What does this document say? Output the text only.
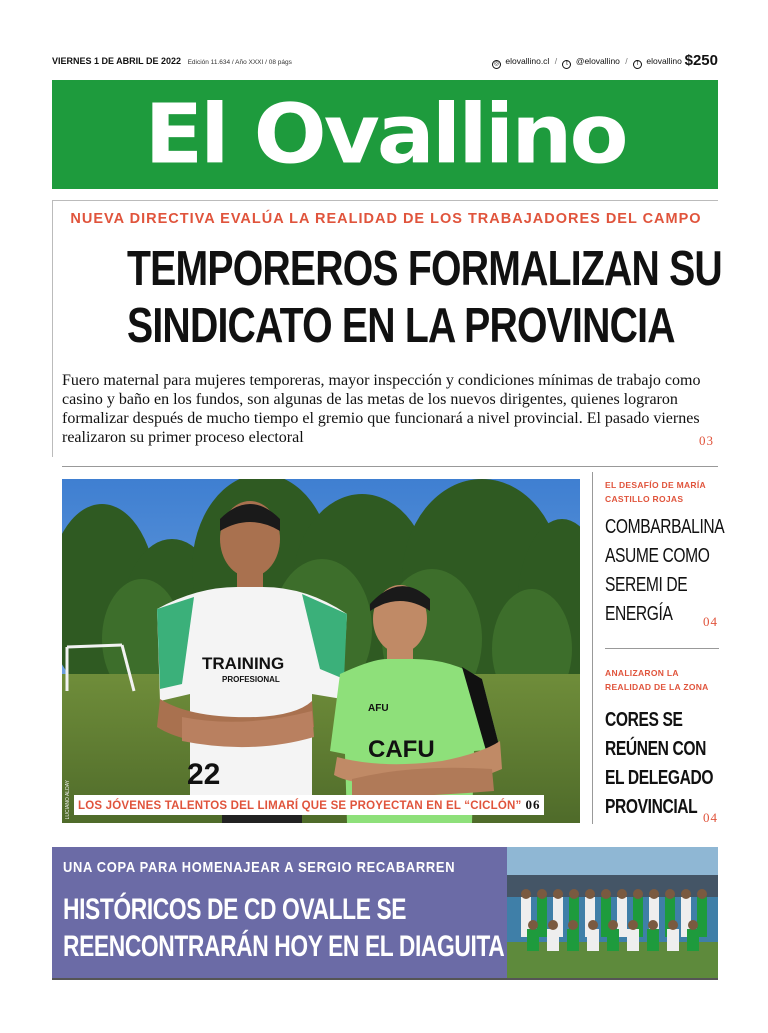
VIERNES 1 DE ABRIL DE 2022 Edición 11.634 / Año XXXI / 08 págs	◎ elovallino.cl / t @elovallino / f elovallino $250
El Ovallino
NUEVA DIRECTIVA EVALÚA LA REALIDAD DE LOS TRABAJADORES DEL CAMPO
TEMPOREROS FORMALIZAN SU
SINDICATO EN LA PROVINCIA
Fuero maternal para mujeres temporeras, mayor inspección y condiciones mínimas de trabajo como casino y baño en los fundos, son algunas de las metas de los nuevos dirigentes, quienes lograron formalizar después de mucho tiempo el gremio que funcionará a nivel provincial. El pasado viernes realizaron su primer proceso electoral	03
TRAINING
PROFESIONAL
22
AFU
CAFU
LUCIANO ALDAY LOS JÓVENES TALENTOS DEL LIMARÍ QUE SE PROYECTAN EN EL “CICLÓN” 06
EL DESAFÍO DE MARÍA
CASTILLO ROJAS
COMBARBALINA
ASUME COMO
SEREMI DE
ENERGÍA	04
ANALIZARON LA
REALIDAD DE LA ZONA
CORES SE
REÚNEN CON
EL DELEGADO
PROVINCIAL 04
UNA COPA PARA HOMENAJEAR A SERGIO RECABARREN
HISTÓRICOS DE CD OVALLE SE
REENCONTRARÁN HOY EN EL DIAGUITA
